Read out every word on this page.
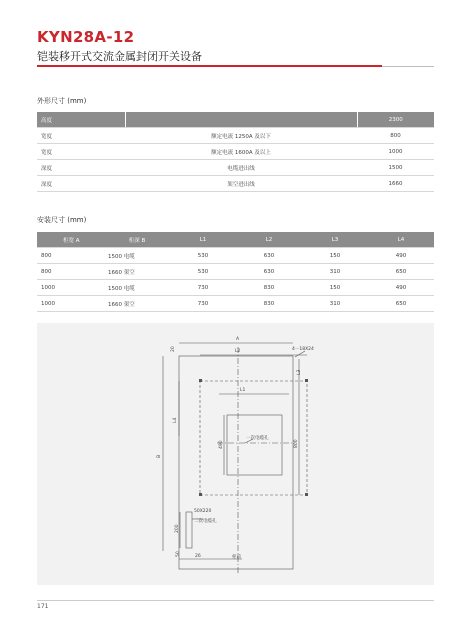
KYN28A-12
铠装移开式交流金属封闭开关设备
外形尺寸 (mm)
高度		2300
宽度	额定电流 1250A 及以下	800
宽度	额定电流 1600A 及以上	1000
深度	电缆进出线	1500
深度	架空进出线	1660
安装尺寸 (mm)
柜宽 A	柜深 B	L1	L2	L3	L4
800	1500 电缆	530	630	150	490
800	1660 架空	530	630	310	650
1000	1500 电缆	730	830	150	490
1000	1660 架空	730	830	310	650
A
L2	4－18X24
20
L3
L1
L4
490
一次电缆孔
800
B
50X220
二次电缆孔
200
50	26	柜前
171
